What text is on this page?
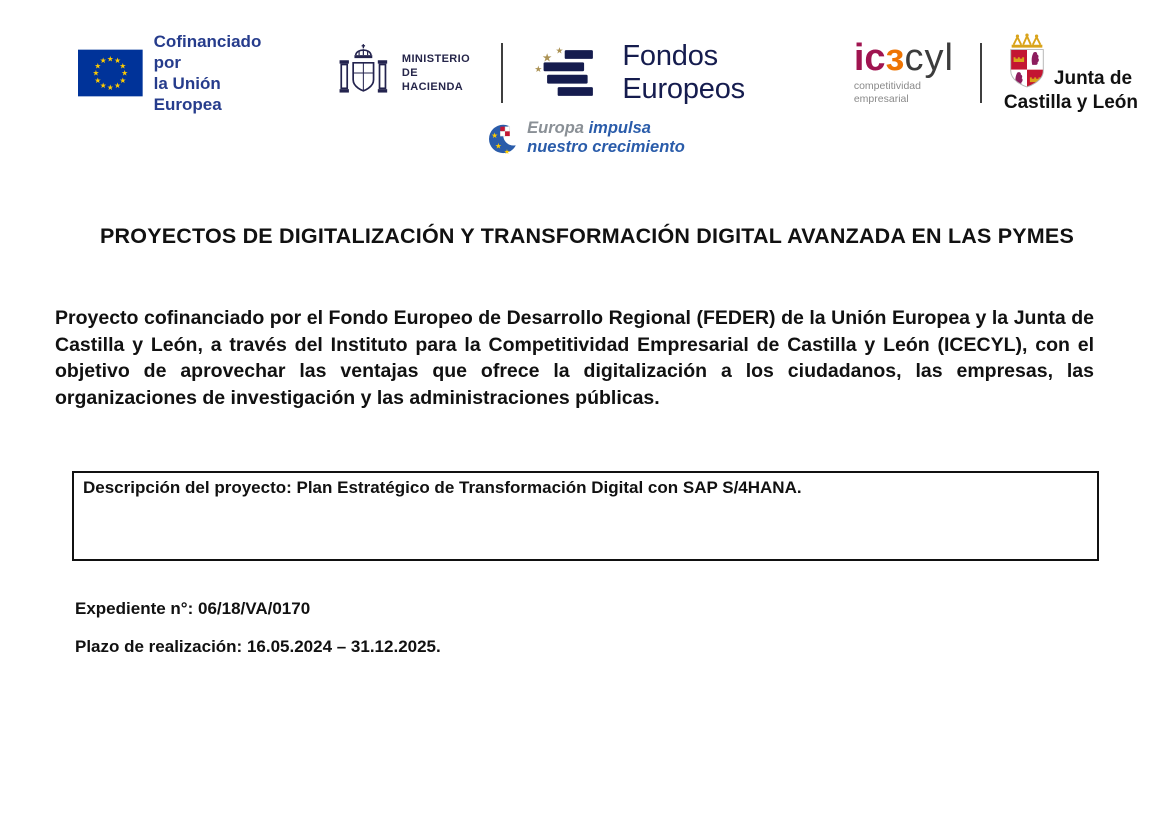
★ ★
★
★
★
★
★
★
★
★
★
★
Cofinanciado por
la Unión Europea
MINISTERIO
DE HACIENDA
★ ★
★	Fondos Europeos
icɜcyl
competitividad
empresarial
Junta de
Castilla y León
★
★
★
Europa impulsa
nuestro crecimiento
PROYECTOS DE DIGITALIZACIÓN Y TRANSFORMACIÓN DIGITAL AVANZADA EN LAS PYMES

Proyecto cofinanciado por el Fondo Europeo de Desarrollo Regional (FEDER) de la Unión Europea y la Junta de Castilla y León, a través del Instituto para la Competitividad Empresarial de Castilla y León (ICECYL), con el objetivo de aprovechar las ventajas que ofrece la digitalización a los ciudadanos, las empresas, las organizaciones de investigación y las administraciones públicas.

Descripción del proyecto: Plan Estratégico de Transformación Digital con SAP S/4HANA.
Expediente n°: 06/18/VA/0170
Plazo de realización: 16.05.2024 – 31.12.2025.
